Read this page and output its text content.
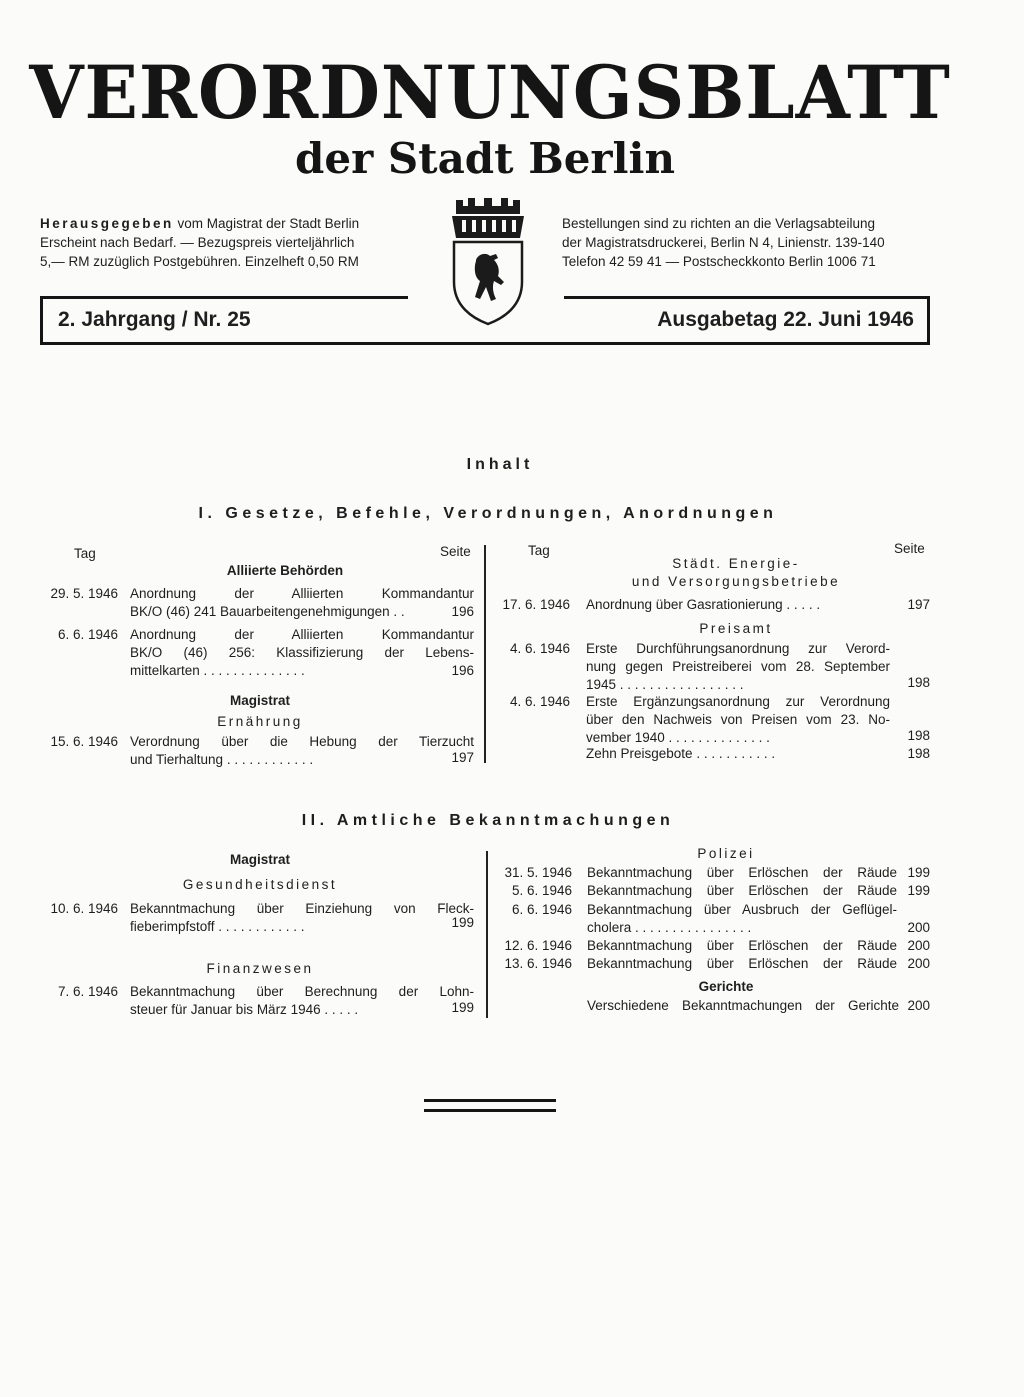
VERORDNUNGSBLATT
der Stadt Berlin
Herausgegeben vom Magistrat der Stadt Berlin
Erscheint nach Bedarf. — Bezugspreis vierteljährlich
5,— RM zuzüglich Postgebühren. Einzelheft 0,50 RM
Bestellungen sind zu richten an die Verlagsabteilung
der Magistratsdruckerei, Berlin N 4, Linienstr. 139-140
Telefon 42 59 41 — Postscheckkonto Berlin 1006 71
2. Jahrgang / Nr. 25	Ausgabetag 22. Juni 1946
Inhalt
I. Gesetze, Befehle, Verordnungen, Anordnungen
Tag	Seite
Alliierte Behörden
29. 5. 1946 Anordnung der Alliierten Kommandantur
BK/O (46) 241 Bauarbeitengenehmigungen . .	196
6. 6. 1946 Anordnung der Alliierten Kommandantur
BK/O (46) 256: Klassifizierung der Lebens-
mittelkarten . . . . . . . . . . . . . .	196
Magistrat
Ernährung
15. 6. 1946 Verordnung über die Hebung der Tierzucht
und Tierhaltung . . . . . . . . . . . .	197
Tag	Seite
Städt. Energie-
und Versorgungsbetriebe
17. 6. 1946 Anordnung über Gasrationierung . . . . .	197
Preisamt
4. 6. 1946 Erste Durchführungsanordnung zur Verord-
nung gegen Preistreiberei vom 28. September
1945 . . . . . . . . . . . . . . . . .	198
4. 6. 1946 Erste Ergänzungsanordnung zur Verordnung
über den Nachweis von Preisen vom 23. No-
vember 1940 . . . . . . . . . . . . . .	198
Zehn Preisgebote . . . . . . . . . . .	198
II. Amtliche Bekanntmachungen
Magistrat
Gesundheitsdienst
10. 6. 1946 Bekanntmachung über Einziehung von Fleck-
fieberimpfstoff . . . . . . . . . . . .	199
Finanzwesen
7. 6. 1946 Bekanntmachung über Berechnung der Lohn-
steuer für Januar bis März 1946 . . . . .	199
Polizei
31. 5. 1946 Bekanntmachung über Erlöschen der Räude 199
5. 6. 1946 Bekanntmachung über Erlöschen der Räude 199
6. 6. 1946 Bekanntmachung über Ausbruch der Geflügel-
cholera . . . . . . . . . . . . . . . .	200
12. 6. 1946 Bekanntmachung über Erlöschen der Räude 200
13. 6. 1946 Bekanntmachung über Erlöschen der Räude 200
Gerichte
Verschiedene Bekanntmachungen der Gerichte 200
